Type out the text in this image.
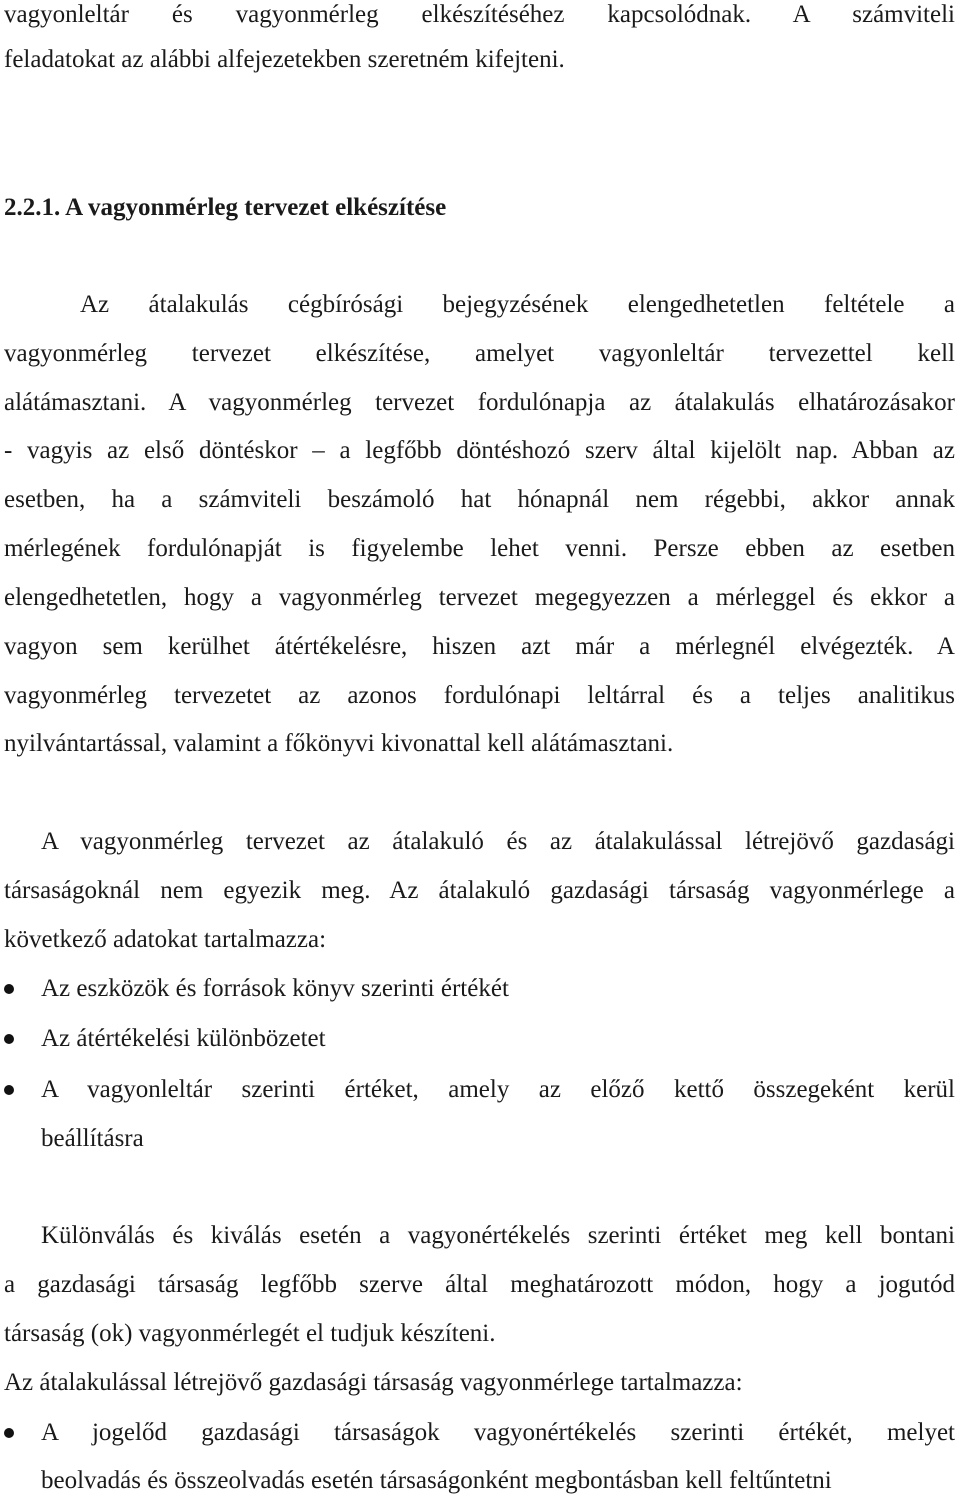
vagyonleltár és vagyonmérleg elkészítéséhez kapcsolódnak. A számviteli
feladatokat az alábbi alfejezetekben szeretném kifejteni.
2.2.1. A vagyonmérleg tervezet elkészítése
Az átalakulás cégbírósági bejegyzésének elengedhetetlen feltétele a
vagyonmérleg tervezet elkészítése, amelyet vagyonleltár tervezettel kell
alátámasztani. A vagyonmérleg tervezet fordulónapja az átalakulás elhatározásakor
- vagyis az első döntéskor – a legfőbb döntéshozó szerv által kijelölt nap. Abban az
esetben, ha a számviteli beszámoló hat hónapnál nem régebbi, akkor annak
mérlegének fordulónapját is figyelembe lehet venni. Persze ebben az esetben
elengedhetetlen, hogy a vagyonmérleg tervezet megegyezzen a mérleggel és ekkor a
vagyon sem kerülhet átértékelésre, hiszen azt már a mérlegnél elvégezték. A
vagyonmérleg tervezetet az azonos fordulónapi leltárral és a teljes analitikus
nyilvántartással, valamint a főkönyvi kivonattal kell alátámasztani.
A vagyonmérleg tervezet az átalakuló és az átalakulással létrejövő gazdasági
társaságoknál nem egyezik meg. Az átalakuló gazdasági társaság vagyonmérlege a
következő adatokat tartalmazza:
Az eszközök és források könyv szerinti értékét
Az átértékelési különbözetet
A vagyonleltár szerinti értéket, amely az előző kettő összegeként kerül
beállításra
Különválás és kiválás esetén a vagyonértékelés szerinti értéket meg kell bontani
a gazdasági társaság legfőbb szerve által meghatározott módon, hogy a jogutód
társaság (ok) vagyonmérlegét el tudjuk készíteni.
Az átalakulással létrejövő gazdasági társaság vagyonmérlege tartalmazza:
A jogelőd gazdasági társaságok vagyonértékelés szerinti értékét, melyet
beolvadás és összeolvadás esetén társaságonként megbontásban kell feltűntetni
